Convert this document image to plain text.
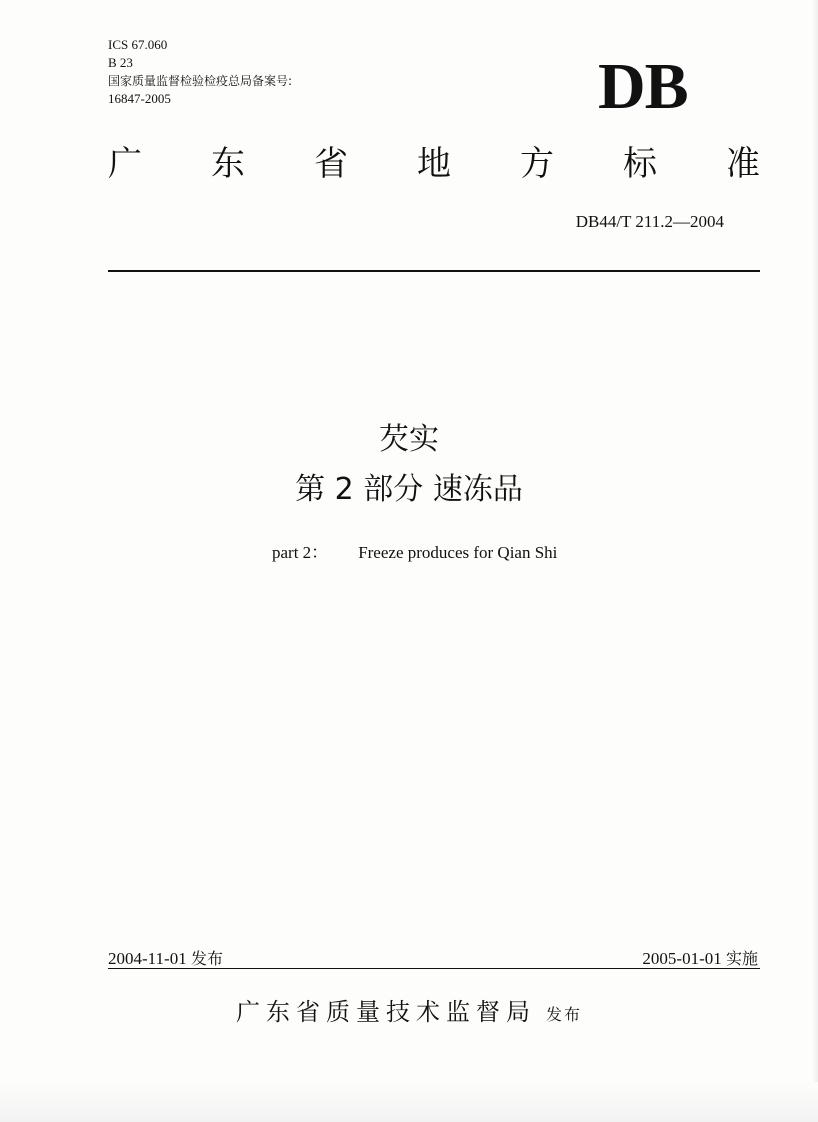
ICS 67.060
B 23
国家质量监督检验检疫总局备案号:
16847-2005	DB
广 东 省 地 方 标 准
DB44/T 211.2—2004
芡实
第 2 部分 速冻品
part 2： Freeze produces for Qian Shi
2004-11-01 发布	2005-01-01 实施
广东省质量技术监督局 发布
